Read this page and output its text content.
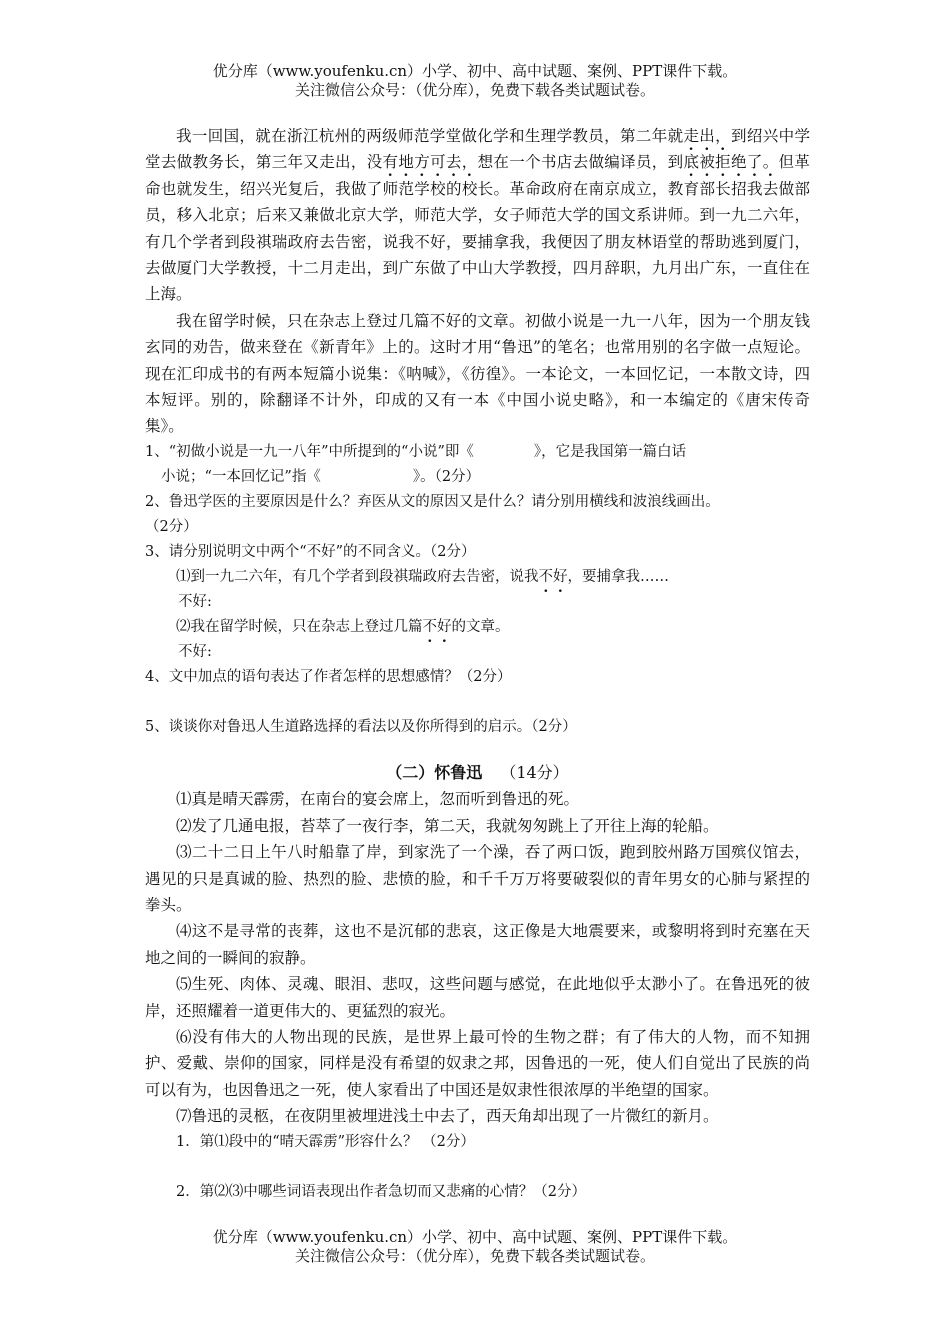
优分库（www.youfenku.cn）小学、初中、高中试题、案例、PPT课件下载。
关注微信公众号：（优分库），免费下载各类试题试卷。

我一回国，就在浙江杭州的两级师范学堂做化学和生理学教员，第二年就走出，到绍兴中学堂去做教务长，第三年又走出，没有地方可去，想在一个书店去做编译员，到底被拒绝了。但革命也就发生，绍兴光复后，我做了师范学校的校长。革命政府在南京成立，教育部长招我去做部员，移入北京；后来又兼做北京大学，师范大学，女子师范大学的国文系讲师。到一九二六年，有几个学者到段祺瑞政府去告密，说我不好，要捕拿我，我便因了朋友林语堂的帮助逃到厦门，去做厦门大学教授，十二月走出，到广东做了中山大学教授，四月辞职，九月出广东，一直住在上海。

我在留学时候，只在杂志上登过几篇不好的文章。初做小说是一九一八年，因为一个朋友钱玄同的劝告，做来登在《新青年》上的。这时才用“鲁迅”的笔名；也常用别的名字做一点短论。现在汇印成书的有两本短篇小说集：《呐喊》，《彷徨》。一本论文，一本回忆记，一本散文诗，四本短评。别的，除翻译不计外，印成的又有一本《中国小说史略》，和一本编定的《唐宋传奇集》。

1、“初做小说是一九一八年”中所提到的“小说”即《	》，它是我国第一篇白话

小说；“一本回忆记”指《	》。（2分）

2、鲁迅学医的主要原因是什么？弃医从文的原因又是什么？请分别用横线和波浪线画出。

（2分）

3、请分别说明文中两个“不好”的不同含义。（2分）

⑴到一九二六年，有几个学者到段祺瑞政府去告密，说我不好，要捕拿我……

不好:

⑵我在留学时候，只在杂志上登过几篇不好的文章。

不好:

4、文中加点的语句表达了作者怎样的思想感情？（2分）

5、谈谈你对鲁迅人生道路选择的看法以及你所得到的启示。（2分）

（二）怀鲁迅 （14分）

⑴真是晴天霹雳，在南台的宴会席上，忽而听到鲁迅的死。

⑵发了几通电报，苔萃了一夜行李，第二天，我就匆匆跳上了开往上海的轮船。

⑶二十二日上午八时船靠了岸，到家洗了一个澡，吞了两口饭，跑到胶州路万国殡仪馆去，遇见的只是真诚的脸、热烈的脸、悲愤的脸，和千千万万将要破裂似的青年男女的心肺与紧捏的拳头。

⑷这不是寻常的丧葬，这也不是沉郁的悲哀，这正像是大地震要来，或黎明将到时充塞在天地之间的一瞬间的寂静。

⑸生死、肉体、灵魂、眼泪、悲叹，这些问题与感觉，在此地似乎太渺小了。在鲁迅死的彼岸，还照耀着一道更伟大的、更猛烈的寂光。

⑹没有伟大的人物出现的民族，是世界上最可怜的生物之群；有了伟大的人物，而不知拥护、爱戴、崇仰的国家，同样是没有希望的奴隶之邦，因鲁迅的一死，使人们自觉出了民族的尚可以有为，也因鲁迅之一死，使人家看出了中国还是奴隶性很浓厚的半绝望的国家。

⑺鲁迅的灵柩，在夜阴里被埋进浅土中去了，西天角却出现了一片微红的新月。

1．第⑴段中的“晴天霹雳”形容什么？ （2分）

2．第⑵⑶中哪些词语表现出作者急切而又悲痛的心情？（2分）

优分库（www.youfenku.cn）小学、初中、高中试题、案例、PPT课件下载。
关注微信公众号：（优分库），免费下载各类试题试卷。
